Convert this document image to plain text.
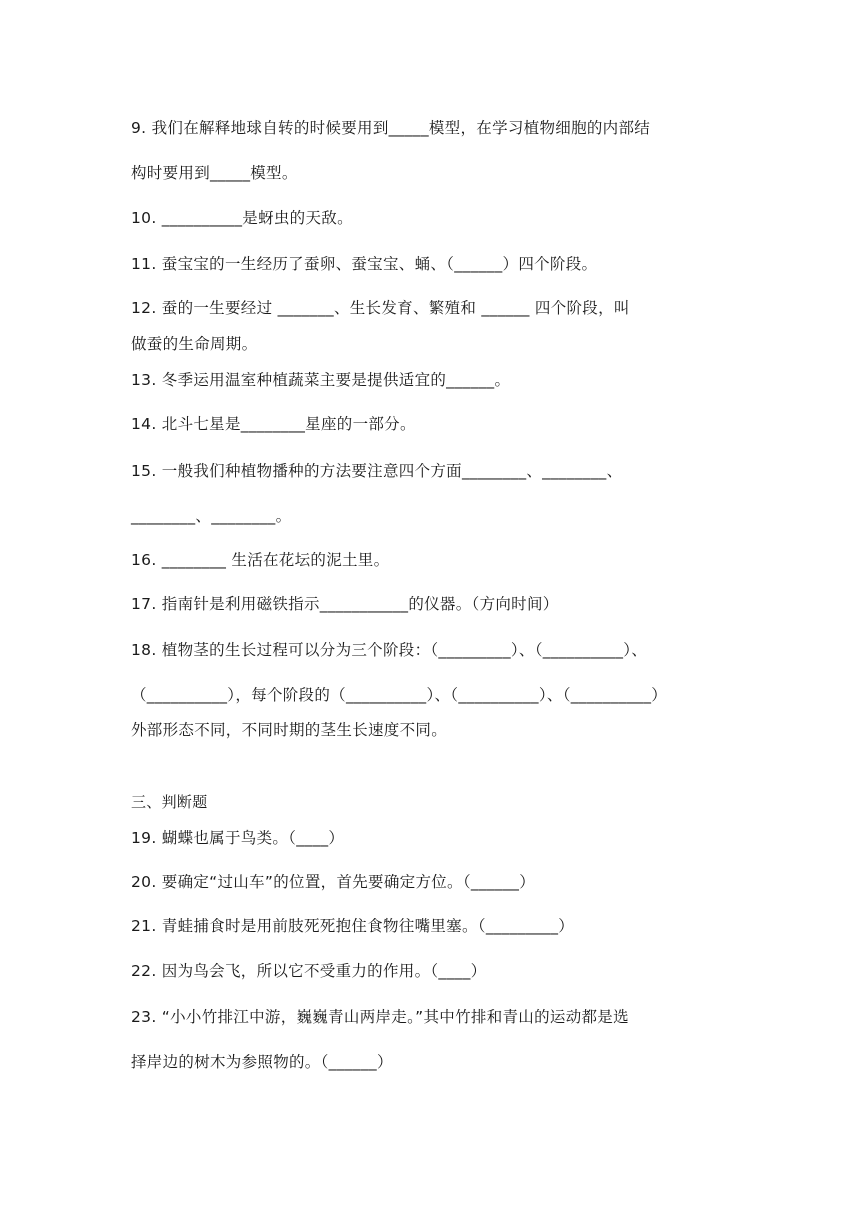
9. 我们在解释地球自转的时候要用到_____模型，在学习植物细胞的内部结
构时要用到_____模型。
10. __________是蚜虫的天敌。
11. 蚕宝宝的一生经历了蚕卵、蚕宝宝、蛹、（______）四个阶段。
12. 蚕的一生要经过 _______、生长发育、繁殖和 ______ 四个阶段，叫
做蚕的生命周期。
13. 冬季运用温室种植蔬菜主要是提供适宜的______。
14. 北斗七星是________星座的一部分。
15. 一般我们种植物播种的方法要注意四个方面________、________、
________、________。
16. ________ 生活在花坛的泥土里。
17. 指南针是利用磁铁指示___________的仪器。（方向时间）
18. 植物茎的生长过程可以分为三个阶段：（_________）、（__________）、
（__________），每个阶段的（__________）、（__________）、（__________）
外部形态不同，不同时期的茎生长速度不同。
三、判断题
19. 蝴蝶也属于鸟类。（____）
20. 要确定“过山车”的位置，首先要确定方位。（______）
21. 青蛙捕食时是用前肢死死抱住食物往嘴里塞。（_________）
22. 因为鸟会飞，所以它不受重力的作用。（____）
23. “小小竹排江中游，巍巍青山两岸走。”其中竹排和青山的运动都是选
择岸边的树木为参照物的。（______）
